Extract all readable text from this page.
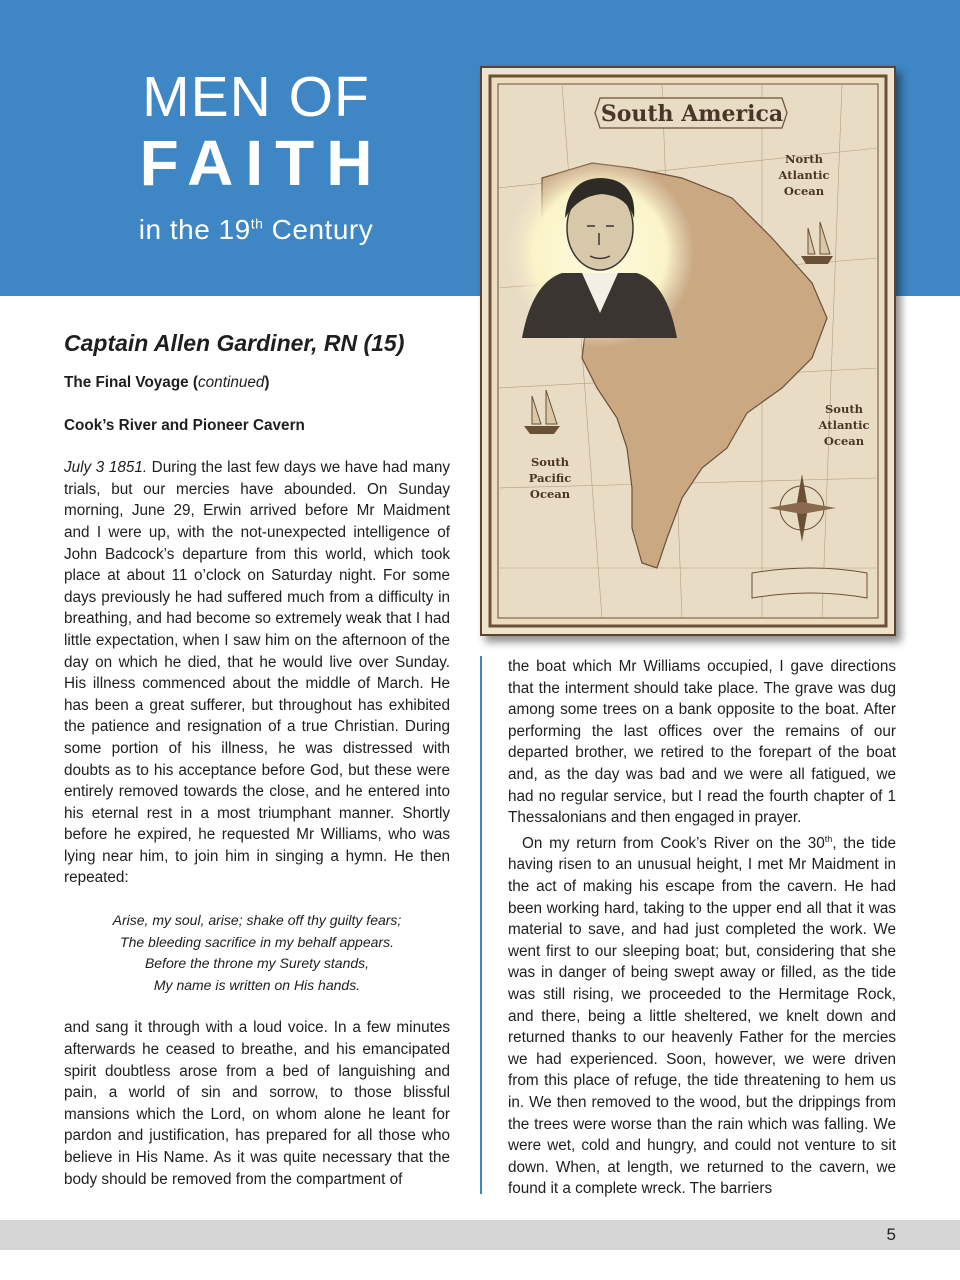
MEN OF
FAITH
in the 19th Century
South America
North
Atlantic
Ocean
South
Atlantic
Ocean
South
Pacific
Ocean
Captain Allen Gardiner, RN (15)
The Final Voyage (continued)
Cook’s River and Pioneer Cavern

July 3 1851. During the last few days we have had many trials, but our mercies have abounded. On Sunday morning, June 29, Erwin arrived before Mr Maidment and I were up, with the not-unexpected intelligence of John Badcock’s departure from this world, which took place at about 11 o’clock on Saturday night. For some days previously he had suffered much from a difficulty in breathing, and had become so extremely weak that I had little expectation, when I saw him on the afternoon of the day on which he died, that he would live over Sunday. His illness commenced about the middle of March. He has been a great sufferer, but throughout has exhibited the patience and resignation of a true Christian. During some portion of his illness, he was distressed with doubts as to his acceptance before God, but these were entirely removed towards the close, and he entered into his eternal rest in a most triumphant manner. Shortly before he expired, he requested Mr Williams, who was lying near him, to join him in singing a hymn. He then repeated:

Arise, my soul, arise; shake off thy guilty fears;
The bleeding sacrifice in my behalf appears.
Before the throne my Surety stands,
My name is written on His hands.

and sang it through with a loud voice. In a few minutes afterwards he ceased to breathe, and his emancipated spirit doubtless arose from a bed of languishing and pain, a world of sin and sorrow, to those blissful mansions which the Lord, on whom alone he leant for pardon and justification, has prepared for all those who believe in His Name. As it was quite necessary that the body should be removed from the compartment of

the boat which Mr Williams occupied, I gave directions that the interment should take place. The grave was dug among some trees on a bank opposite to the boat. After performing the last offices over the remains of our departed brother, we retired to the forepart of the boat and, as the day was bad and we were all fatigued, we had no regular service, but I read the fourth chapter of 1 Thessalonians and then engaged in prayer.

On my return from Cook’s River on the 30th, the tide having risen to an unusual height, I met Mr Maidment in the act of making his escape from the cavern. He had been working hard, taking to the upper end all that it was material to save, and had just completed the work. We went first to our sleeping boat; but, considering that she was in danger of being swept away or filled, as the tide was still rising, we proceeded to the Hermitage Rock, and there, being a little sheltered, we knelt down and returned thanks to our heavenly Father for the mercies we had experienced. Soon, however, we were driven from this place of refuge, the tide threatening to hem us in. We then removed to the wood, but the drippings from the trees were worse than the rain which was falling. We were wet, cold and hungry, and could not venture to sit down. When, at length, we returned to the cavern, we found it a complete wreck. The barriers

5
